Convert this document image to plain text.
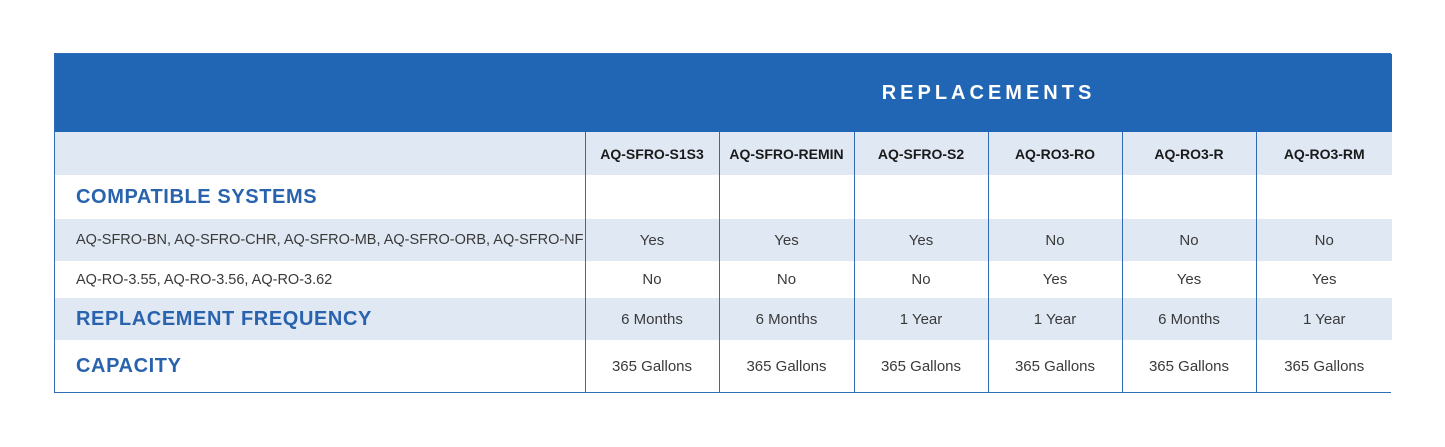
	REPLACEMENTS					
	AQ-SFRO-S1S3	AQ-SFRO-REMIN	AQ-SFRO-S2	AQ-RO3-RO	AQ-RO3-R	AQ-RO3-RM
COMPATIBLE SYSTEMS						
AQ-SFRO-BN, AQ-SFRO-CHR, AQ-SFRO-MB, AQ-SFRO-ORB, AQ-SFRO-NF	Yes	Yes	Yes	No	No	No
AQ-RO-3.55, AQ-RO-3.56, AQ-RO-3.62	No	No	No	Yes	Yes	Yes
REPLACEMENT FREQUENCY	6 Months	6 Months	1 Year	1 Year	6 Months	1 Year
CAPACITY	365 Gallons	365 Gallons	365 Gallons	365 Gallons	365 Gallons	365 Gallons
